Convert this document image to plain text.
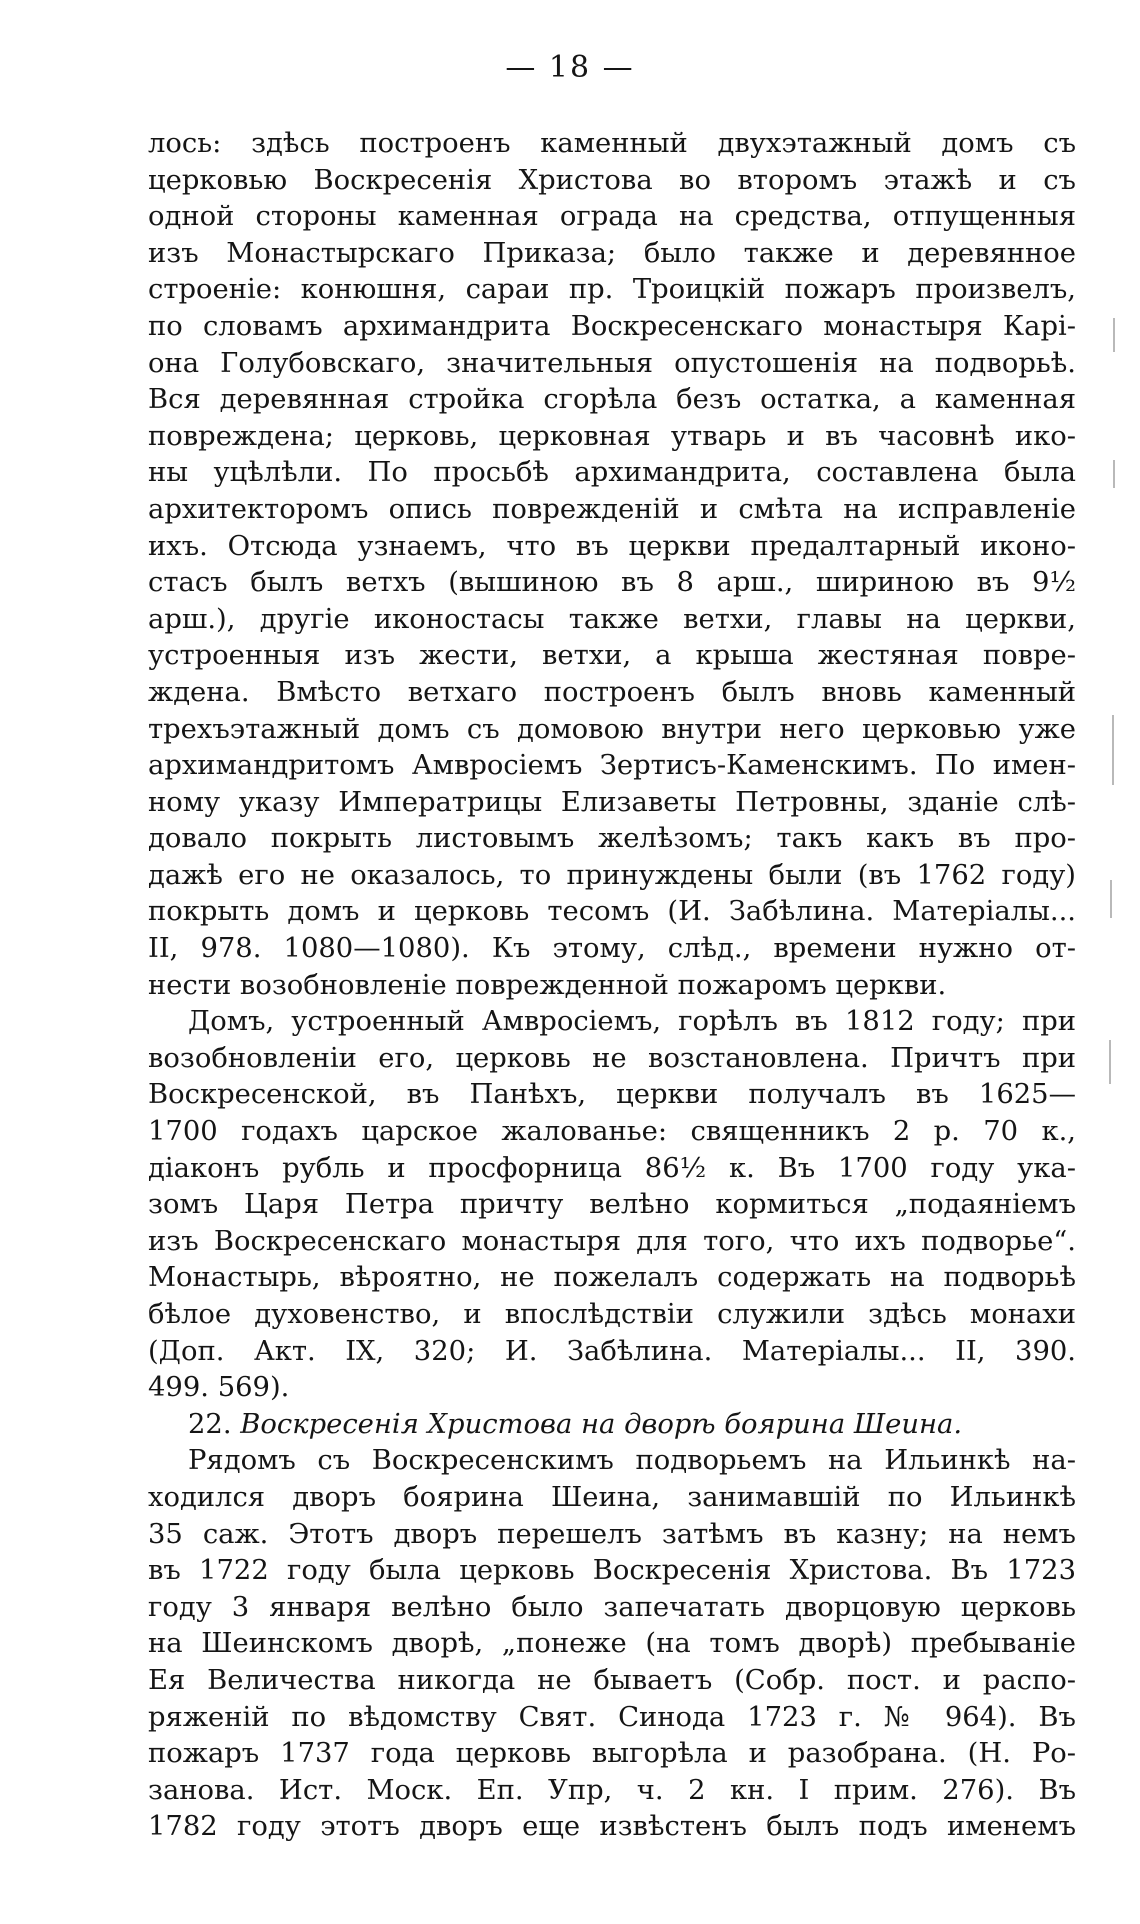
— 18 —

лось: здѣсь построенъ каменный двухэтажный домъ съ
церковью Воскресенія Христова во второмъ этажѣ и съ
одной стороны каменная ограда на средства, отпущенныя
изъ Монастырскаго Приказа; было также и деревянное
строеніе: конюшня, сараи пр. Троицкій пожаръ произвелъ,
по словамъ архимандрита Воскресенскаго монастыря Карі-
она Голубовскаго, значительныя опустошенія на подворьѣ.
Вся деревянная стройка сгорѣла безъ остатка, а каменная
повреждена; церковь, церковная утварь и въ часовнѣ ико-
ны уцѣлѣли. По просьбѣ архимандрита, составлена была
архитекторомъ опись поврежденій и смѣта на исправленіе
ихъ. Отсюда узнаемъ, что въ церкви предалтарный иконо-
стасъ былъ ветхъ (вышиною въ 8 арш., шириною въ 9½
арш.), другіе иконостасы также ветхи, главы на церкви,
устроенныя изъ жести, ветхи, а крыша жестяная повре-
ждена. Вмѣсто ветхаго построенъ былъ вновь каменный
трехъэтажный домъ съ домовою внутри него церковью уже
архимандритомъ Амвросіемъ Зертисъ-Каменскимъ. По имен-
ному указу Императрицы Елизаветы Петровны, зданіе слѣ-
довало покрыть листовымъ желѣзомъ; такъ какъ въ про-
дажѣ его не оказалось, то принуждены были (въ 1762 году)
покрыть домъ и церковь тесомъ (И. Забѣлина. Матеріалы...
II, 978. 1080—1080). Къ этому, слѣд., времени нужно от-
нести возобновленіе поврежденной пожаромъ церкви.
Домъ, устроенный Амвросіемъ, горѣлъ въ 1812 году; при
возобновленіи его, церковь не возстановлена. Причтъ при
Воскресенской, въ Панѣхъ, церкви получалъ въ 1625—
1700 годахъ царское жалованье: священникъ 2 р. 70 к.,
діаконъ рубль и просфорница 86½ к. Въ 1700 году ука-
зомъ Царя Петра причту велѣно кормиться „подаяніемъ
изъ Воскресенскаго монастыря для того, что ихъ подворье“.
Монастырь, вѣроятно, не пожелалъ содержать на подворьѣ
бѣлое духовенство, и впослѣдствіи служили здѣсь монахи
(Доп. Акт. IX, 320; И. Забѣлина. Матеріалы... II, 390.
499. 569).
22. Воскресенія Христова на дворѣ боярина Шеина.
Рядомъ съ Воскресенскимъ подворьемъ на Ильинкѣ на-
ходился дворъ боярина Шеина, занимавшій по Ильинкѣ
35 саж. Этотъ дворъ перешелъ затѣмъ въ казну; на немъ
въ 1722 году была церковь Воскресенія Христова. Въ 1723
году 3 января велѣно было запечатать дворцовую церковь
на Шеинскомъ дворѣ, „понеже (на томъ дворѣ) пребываніе
Ея Величества никогда не бываетъ (Собр. пост. и распо-
ряженій по вѣдомству Свят. Синода 1723 г. № 964). Въ
пожаръ 1737 года церковь выгорѣла и разобрана. (Н. Ро-
занова. Ист. Моск. Еп. Упр, ч. 2 кн. I прим. 276). Въ
1782 году этотъ дворъ еще извѣстенъ былъ подъ именемъ
